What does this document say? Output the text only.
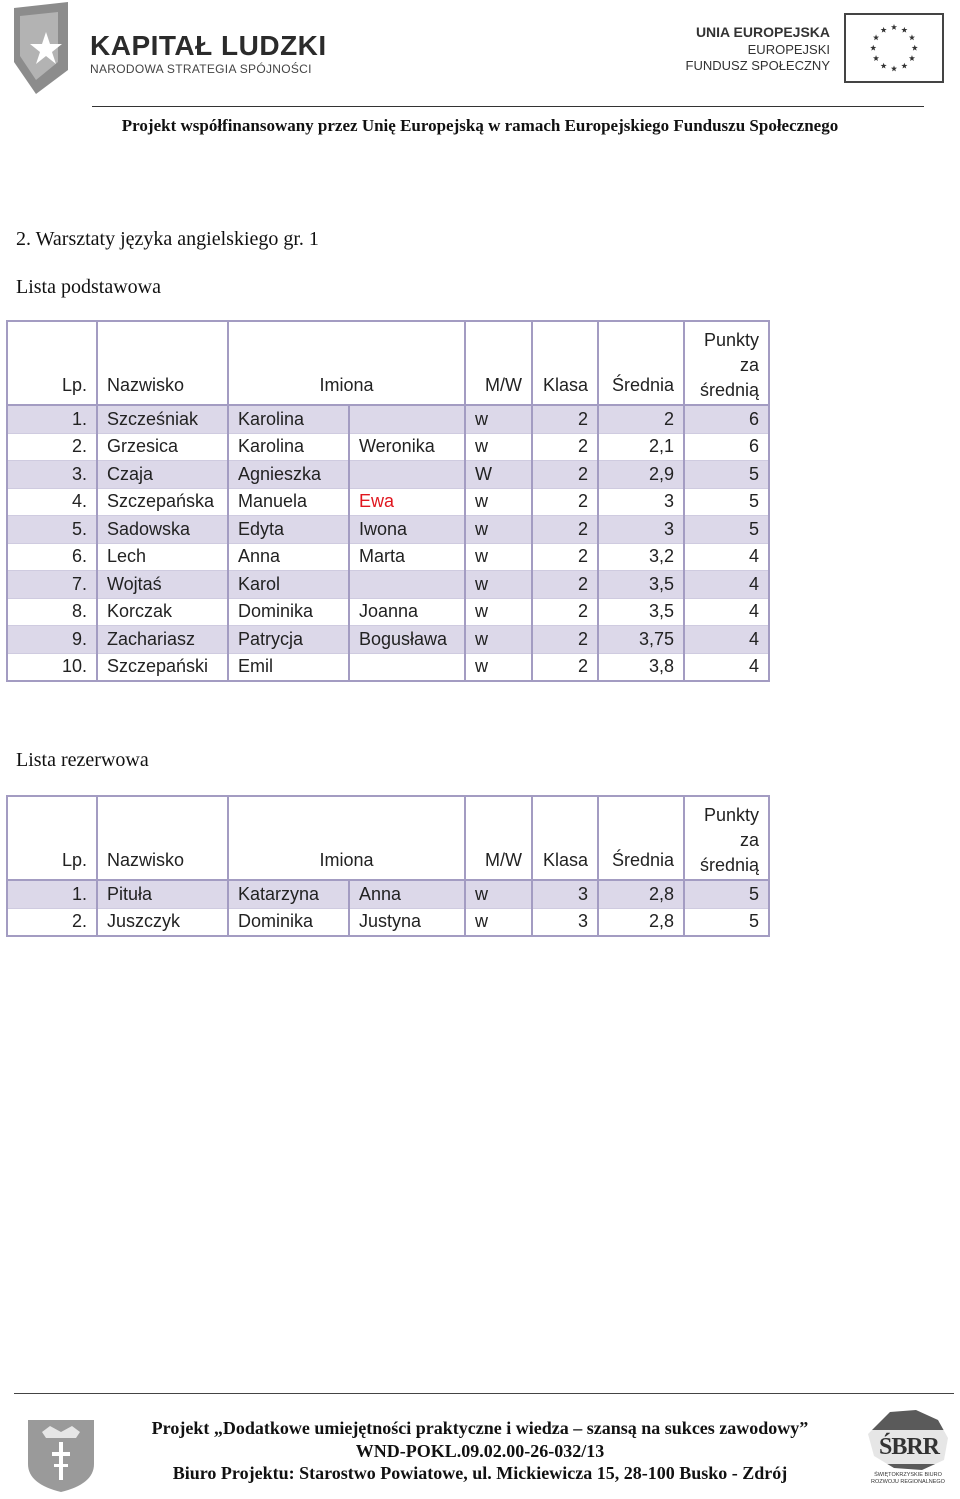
KAPITAŁ LUDZKI
NARODOWA STRATEGIA SPÓJNOŚCI
UNIA EUROPEJSKA
EUROPEJSKI
FUNDUSZ SPOŁECZNY
Projekt współfinansowany przez Unię Europejską w ramach Europejskiego Funduszu Społecznego
2. Warsztaty języka angielskiego gr. 1
Lista podstawowa
Lp.	Nazwisko	Imiona		M/W	Klasa	Średnia	Punkty za średnią
1.	Szcześniak	Karolina		w	2	2	6
2.	Grzesica	Karolina	Weronika	w	2	2,1	6
3.	Czaja	Agnieszka		W	2	2,9	5
4.	Szczepańska	Manuela	Ewa	w	2	3	5
5.	Sadowska	Edyta	Iwona	w	2	3	5
6.	Lech	Anna	Marta	w	2	3,2	4
7.	Wojtaś	Karol		w	2	3,5	4
8.	Korczak	Dominika	Joanna	w	2	3,5	4
9.	Zachariasz	Patrycja	Bogusława	w	2	3,75	4
10.	Szczepański	Emil		w	2	3,8	4
Lista rezerwowa
Lp.	Nazwisko	Imiona		M/W	Klasa	Średnia	Punkty za średnią
1.	Pituła	Katarzyna	Anna	w	3	2,8	5
2.	Juszczyk	Dominika	Justyna	w	3	2,8	5
Projekt „Dodatkowe umiejętności praktyczne i wiedza – szansą na sukces zawodowy”
WND-POKL.09.02.00-26-032/13
Biuro Projektu: Starostwo Powiatowe, ul. Mickiewicza 15, 28-100 Busko - Zdrój
ŚBRR
ŚWIĘTOKRZYSKIE BIURO ROZWOJU REGIONALNEGO
